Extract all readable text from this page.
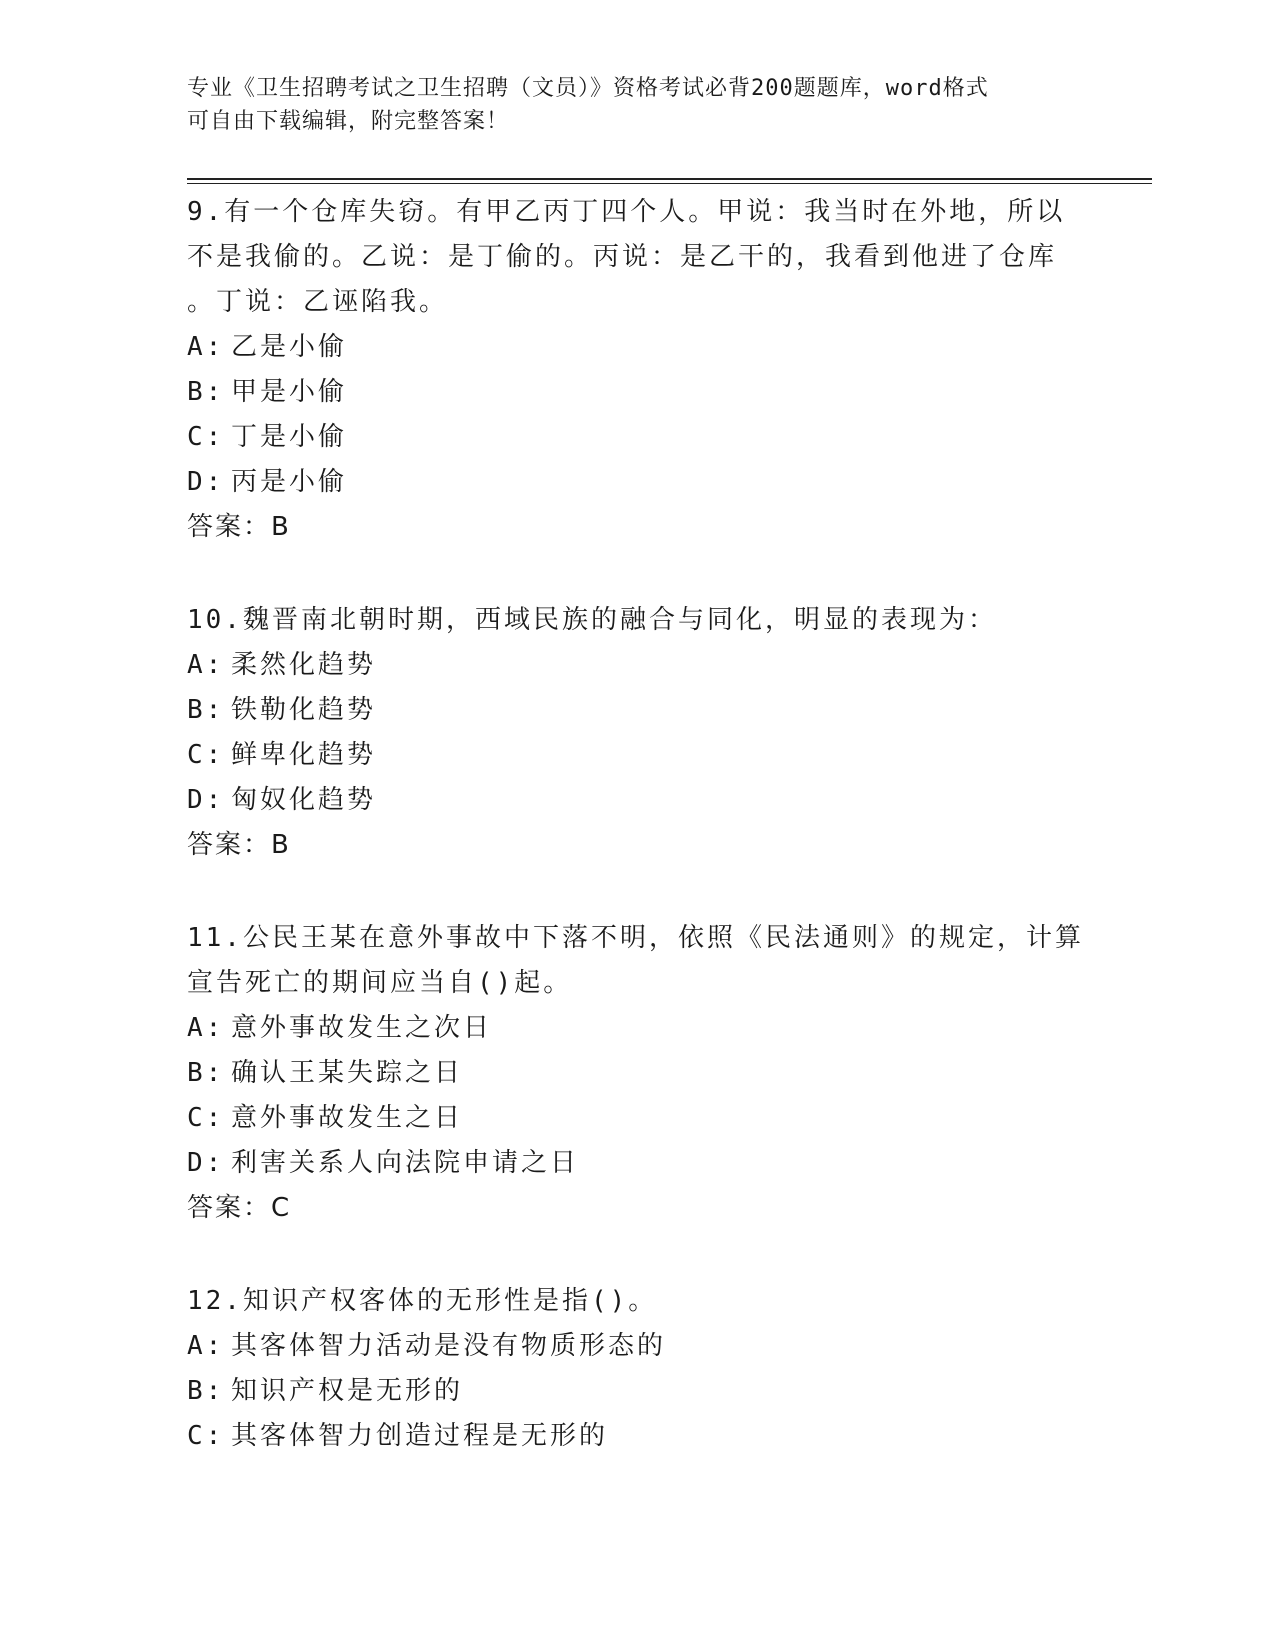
专业《卫生招聘考试之卫生招聘（文员）》资格考试必背200题题库，word格式
可自由下载编辑，附完整答案！
9.有一个仓库失窃。有甲乙丙丁四个人。甲说：我当时在外地，所以
不是我偷的。乙说：是丁偷的。丙说：是乙干的，我看到他进了仓库
。丁说：乙诬陷我。
A: 乙是小偷
B: 甲是小偷
C: 丁是小偷
D: 丙是小偷
答案：B
10.魏晋南北朝时期，西域民族的融合与同化，明显的表现为：
A: 柔然化趋势
B: 铁勒化趋势
C: 鲜卑化趋势
D: 匈奴化趋势
答案：B
11.公民王某在意外事故中下落不明，依照《民法通则》的规定，计算
宣告死亡的期间应当自()起。
A: 意外事故发生之次日
B: 确认王某失踪之日
C: 意外事故发生之日
D: 利害关系人向法院申请之日
答案：C
12.知识产权客体的无形性是指()。
A: 其客体智力活动是没有物质形态的
B: 知识产权是无形的
C: 其客体智力创造过程是无形的
